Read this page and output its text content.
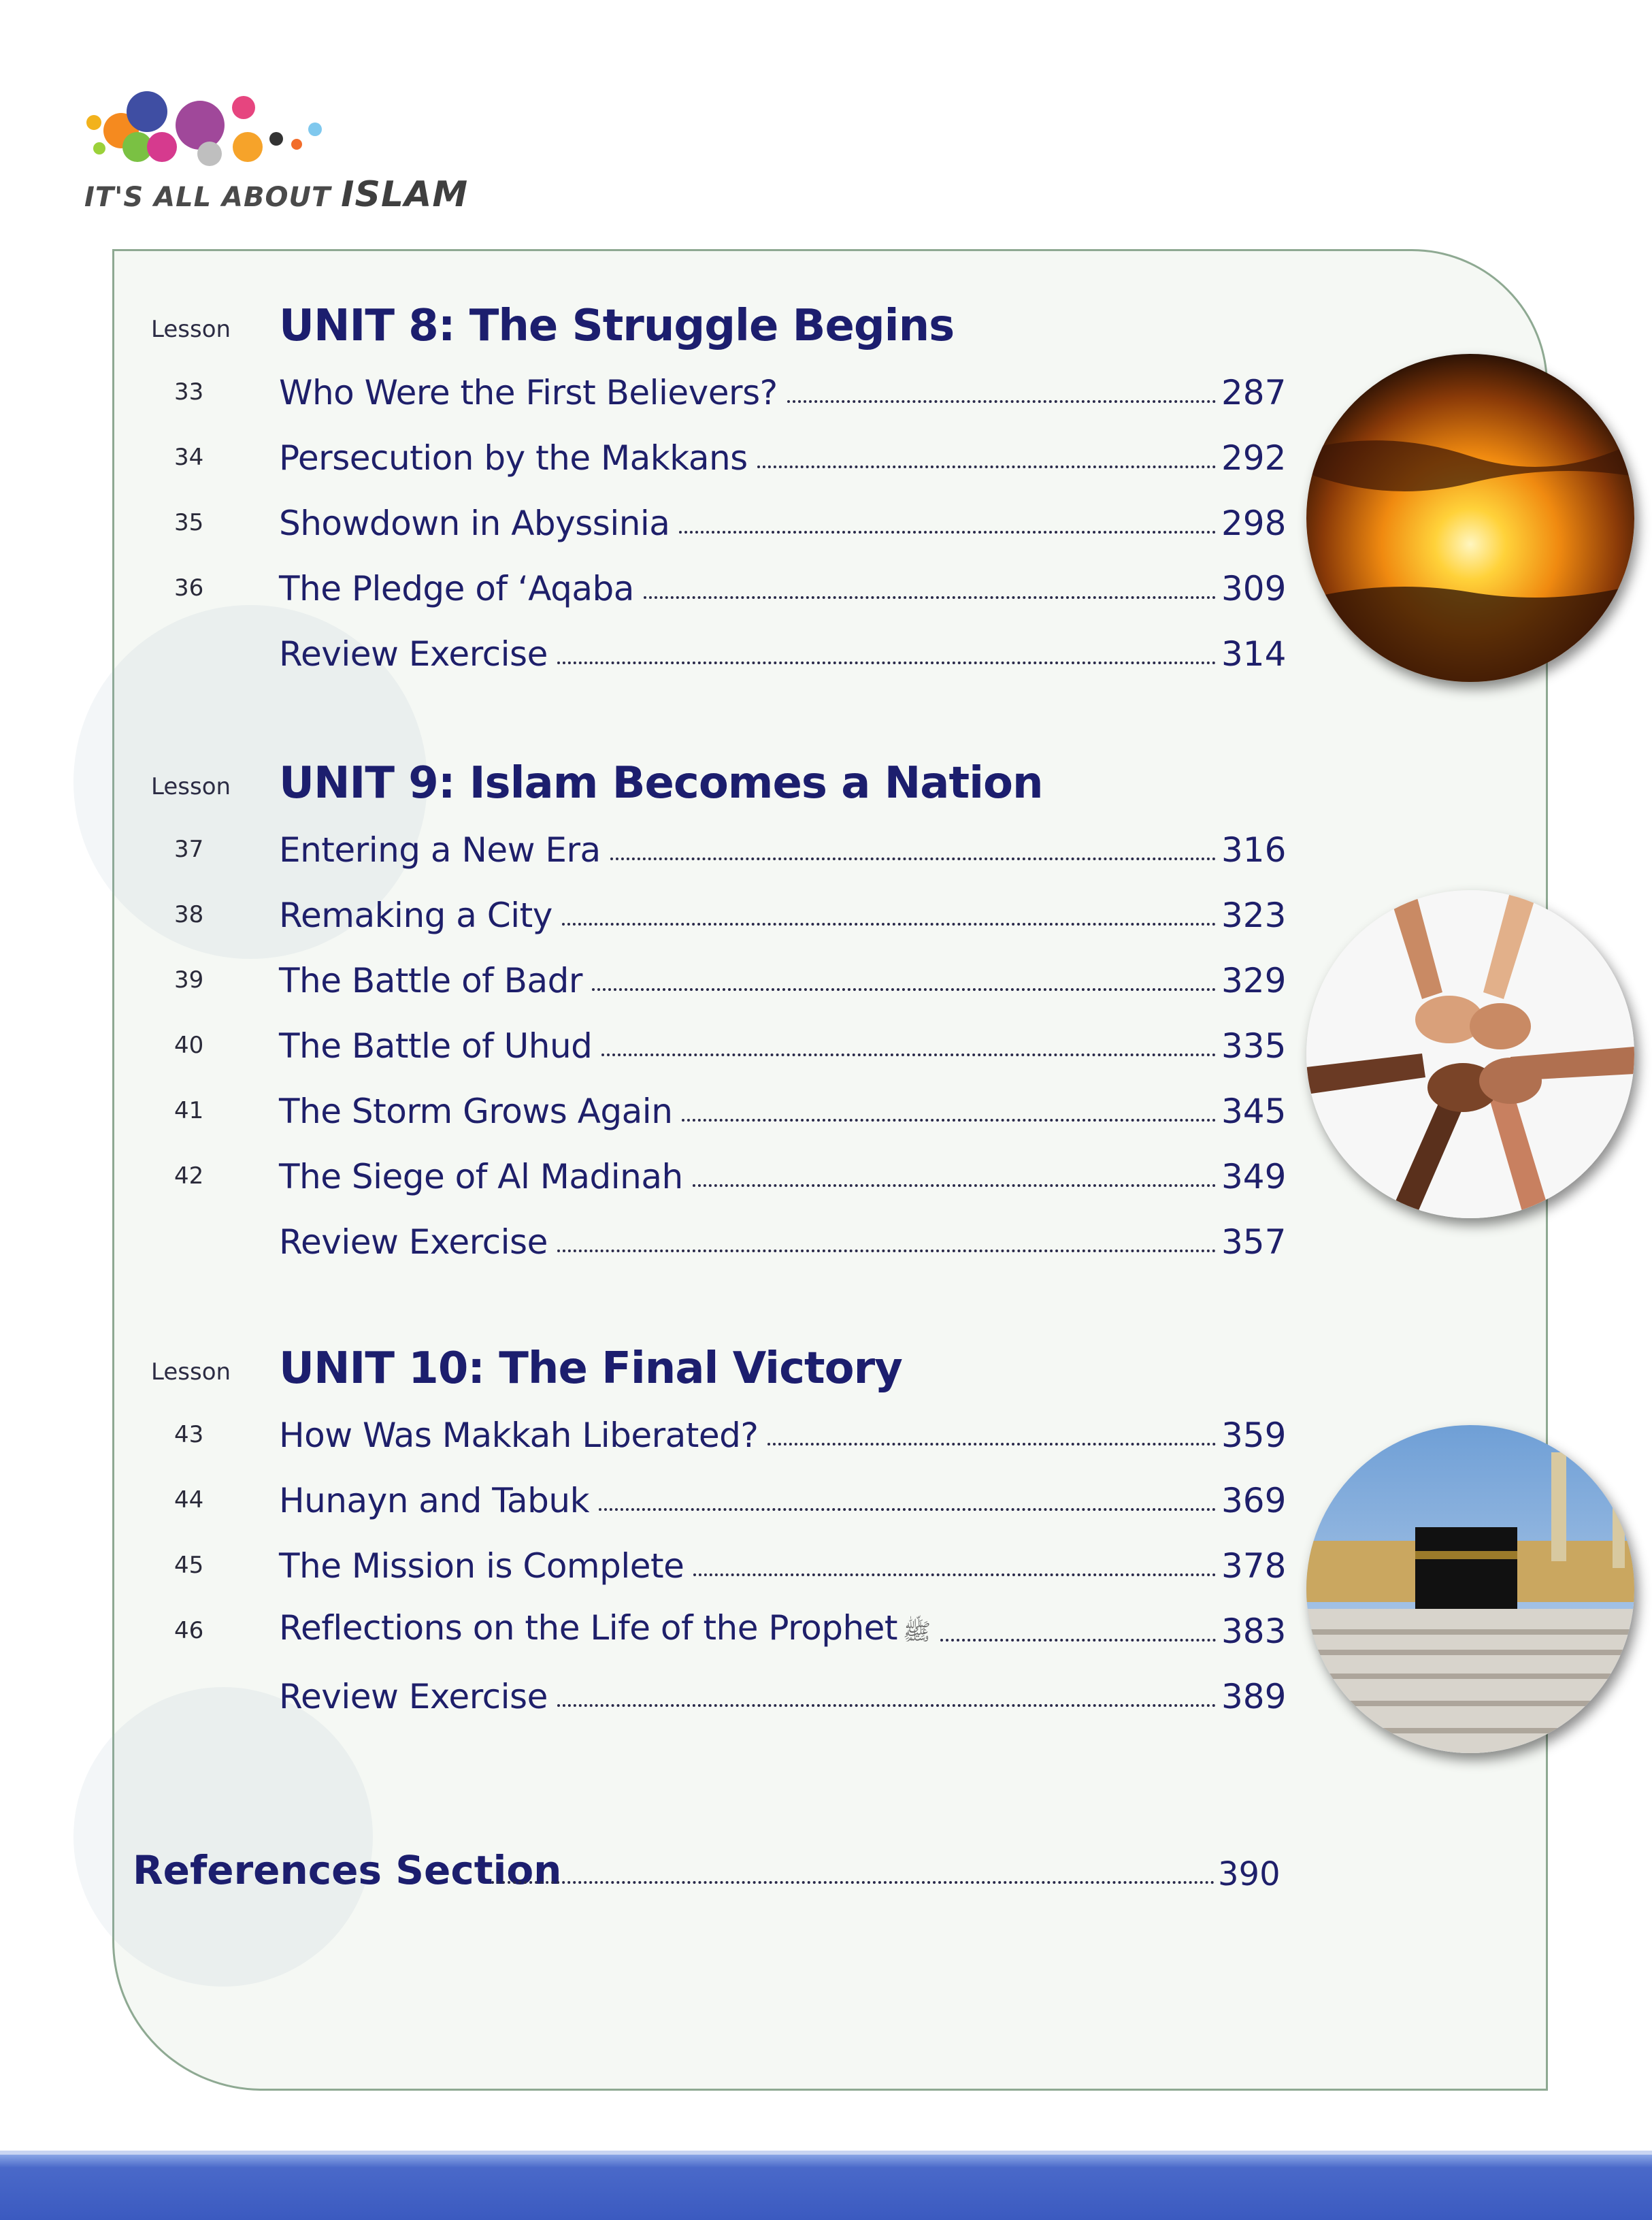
IT'S ALL ABOUT ISLAM
Lesson UNIT 8: The Struggle Begins
33 Who Were the First Believers?	287
34 Persecution by the Makkans	292
35 Showdown in Abyssinia	298
36 The Pledge of ʻAqaba	309
Review Exercise	314
Lesson UNIT 9: Islam Becomes a Nation
37 Entering a New Era	316
38 Remaking a City	323
39 The Battle of Badr	329
40 The Battle of Uhud	335
41 The Storm Grows Again	345
42 The Siege of Al Madinah	349
Review Exercise	357
Lesson UNIT 10: The Final Victory
43 How Was Makkah Liberated?	359
44 Hunayn and Tabuk	369
45 The Mission is Complete	378
46 Reflections on the Life of the Prophet ﷺ	383
Review Exercise	389
References Section	390
